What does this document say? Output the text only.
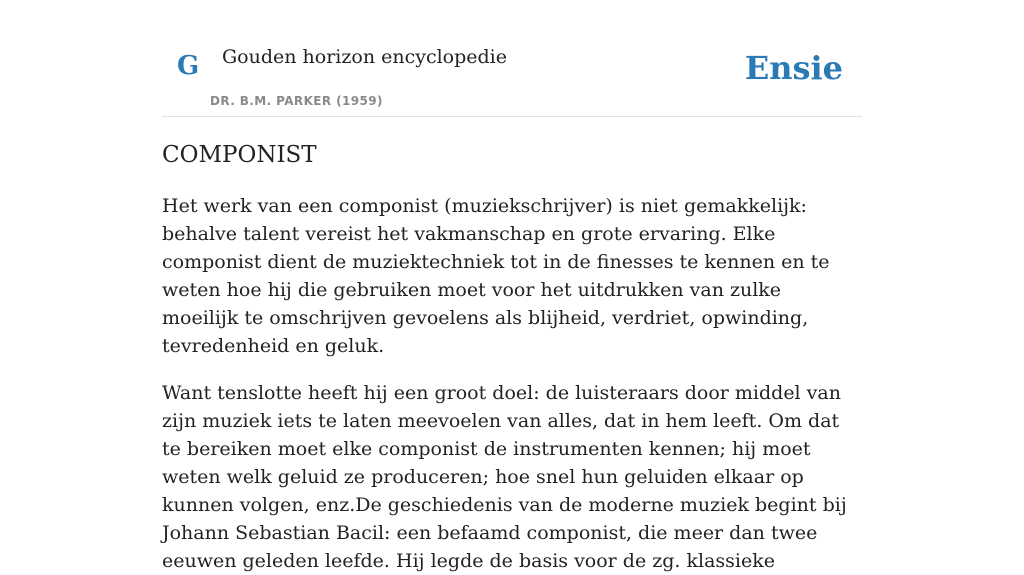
G Gouden horizon encyclopedie
DR. B.M. PARKER (1959)
Ensie
COMPONIST

Het werk van een componist (muziekschrijver) is niet gemakkelijk: behalve talent vereist het vakmanschap en grote ervaring. Elke componist dient de muziektechniek tot in de finesses te kennen en te weten hoe hij die gebruiken moet voor het uitdrukken van zulke moeilijk te omschrijven gevoelens als blijheid, verdriet, opwinding, tevredenheid en geluk.

Want tenslotte heeft hij een groot doel: de luisteraars door middel van zijn muziek iets te laten meevoelen van alles, dat in hem leeft. Om dat te bereiken moet elke componist de instrumenten kennen; hij moet weten welk geluid ze produceren; hoe snel hun geluiden elkaar op kunnen volgen, enz.De geschiedenis van de moderne muziek begint bij Johann Sebastian Bacil: een befaamd componist, die meer dan twee eeuwen geleden leefde. Hij legde de basis voor de zg. klassieke
